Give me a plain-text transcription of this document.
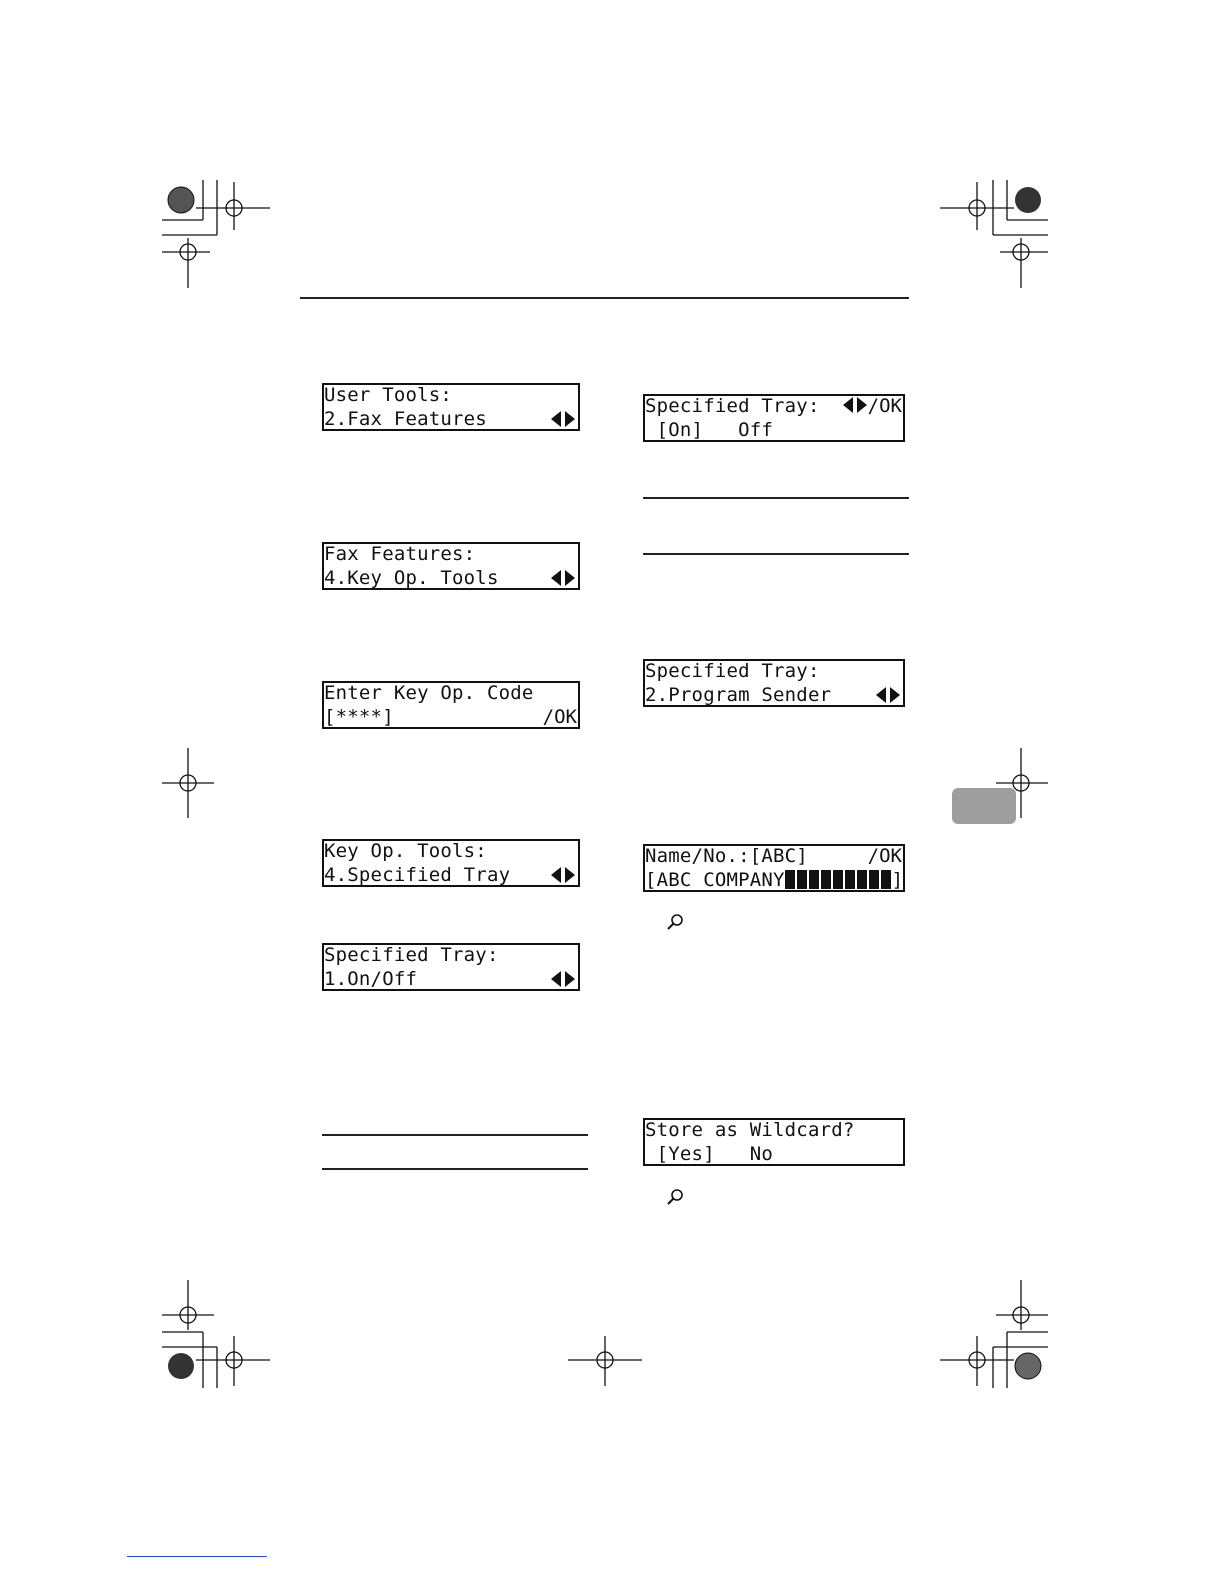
User Tools:
2.Fax Features
Fax Features:
4.Key Op. Tools
Enter Key Op. Code
[****]	/OK
Key Op. Tools:
4.Specified Tray
Specified Tray:
1.On/Off
Specified Tray:	/OK
[On]   Off
Specified Tray:
2.Program Sender
Name/No.:[ABC]	/OK
[ABC COMPANY	]
Store as Wildcard?
[Yes]   No
